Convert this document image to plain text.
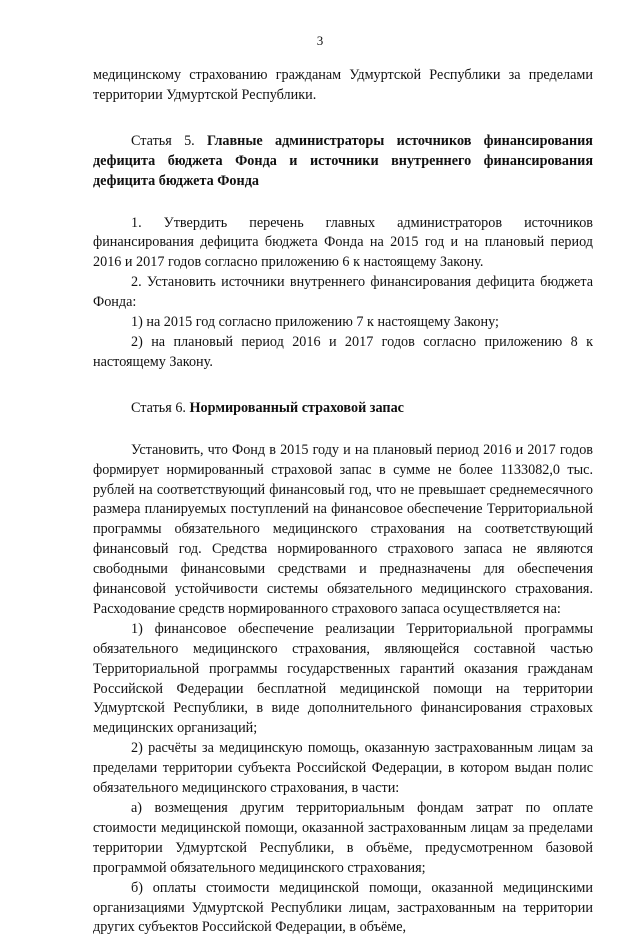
3

медицинскому страхованию гражданам Удмуртской Республики за пределами территории Удмуртской Республики.

Статья 5. Главные администраторы источников финансирования дефицита бюджета Фонда и источники внутреннего финансирования дефицита бюджета Фонда

1. Утвердить перечень главных администраторов источников финансирования дефицита бюджета Фонда на 2015 год и на плановый период 2016 и 2017 годов согласно приложению 6 к настоящему Закону.

2. Установить источники внутреннего финансирования дефицита бюджета Фонда:

1) на 2015 год согласно приложению 7 к настоящему Закону;

2) на плановый период 2016 и 2017 годов согласно приложению 8 к настоящему Закону.

Статья 6. Нормированный страховой запас

Установить, что Фонд в 2015 году и на плановый период 2016 и 2017 годов формирует нормированный страховой запас в сумме не более 1133082,0 тыс. рублей на соответствующий финансовый год, что не превышает среднемесячного размера планируемых поступлений на финансовое обеспечение Территориальной программы обязательного медицинского страхования на соответствующий финансовый год. Средства нормированного страхового запаса не являются свободными финансовыми средствами и предназначены для обеспечения финансовой устойчивости системы обязательного медицинского страхования. Расходование средств нормированного страхового запаса осуществляется на:

1) финансовое обеспечение реализации Территориальной программы обязательного медицинского страхования, являющейся составной частью Территориальной программы государственных гарантий оказания гражданам Российской Федерации бесплатной медицинской помощи на территории Удмуртской Республики, в виде дополнительного финансирования страховых медицинских организаций;

2) расчёты за медицинскую помощь, оказанную застрахованным лицам за пределами территории субъекта Российской Федерации, в котором выдан полис обязательного медицинского страхования, в части:

а) возмещения другим территориальным фондам затрат по оплате стоимости медицинской помощи, оказанной застрахованным лицам за пределами территории Удмуртской Республики, в объёме, предусмотренном базовой программой обязательного медицинского страхования;

б) оплаты стоимости медицинской помощи, оказанной медицинскими организациями Удмуртской Республики лицам, застрахованным на территории других субъектов Российской Федерации, в объёме,
